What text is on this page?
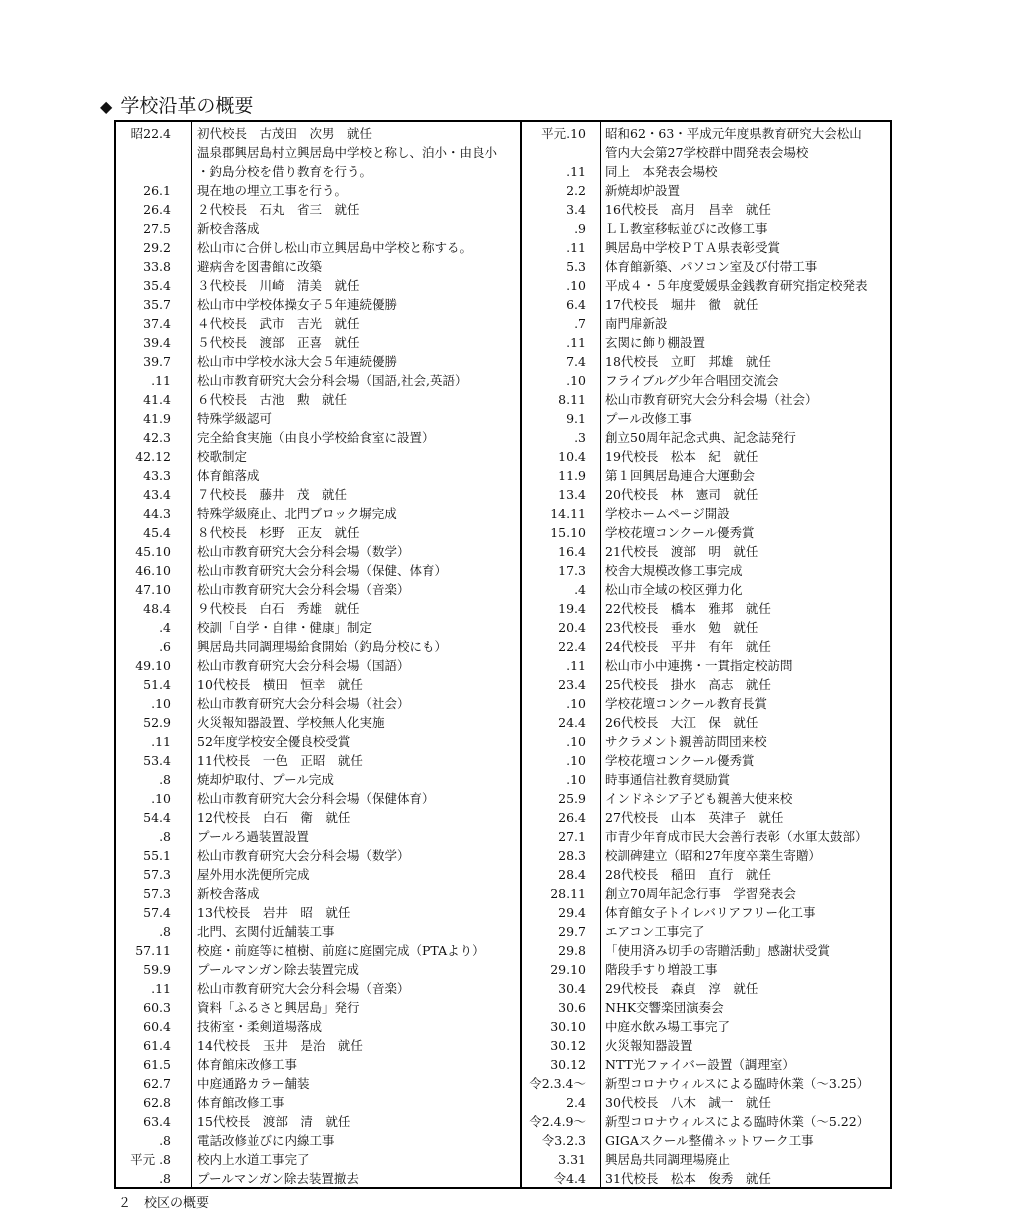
◆ 学校沿革の概要
昭22.4	初代校長　古茂田　次男　就任
温泉郡興居島村立興居島中学校と称し、泊小・由良小
・釣島分校を借り教育を行う。
26.1	現在地の埋立工事を行う。
26.4	２代校長　石丸　省三　就任
27.5	新校舎落成
29.2	松山市に合併し松山市立興居島中学校と称する。
33.8	避病舎を図書館に改築
35.4	３代校長　川崎　清美　就任
35.7	松山市中学校体操女子５年連続優勝
37.4	４代校長　武市　吉光　就任
39.4	５代校長　渡部　正喜　就任
39.7	松山市中学校水泳大会５年連続優勝
.11	松山市教育研究大会分科会場（国語,社会,英語）
41.4	６代校長　古池　勲　就任
41.9	特殊学級認可
42.3	完全給食実施（由良小学校給食室に設置）
42.12	校歌制定
43.3	体育館落成
43.4	７代校長　藤井　茂　就任
44.3	特殊学級廃止、北門ブロック塀完成
45.4	８代校長　杉野　正友　就任
45.10	松山市教育研究大会分科会場（数学）
46.10	松山市教育研究大会分科会場（保健、体育）
47.10	松山市教育研究大会分科会場（音楽）
48.4	９代校長　白石　秀雄　就任
.4	校訓「自学・自律・健康」制定
.6	興居島共同調理場給食開始（釣島分校にも）
49.10	松山市教育研究大会分科会場（国語）
51.4	10代校長　横田　恒幸　就任
.10	松山市教育研究大会分科会場（社会）
52.9	火災報知器設置、学校無人化実施
.11	52年度学校安全優良校受賞
53.4	11代校長　一色　正昭　就任
.8	焼却炉取付、プール完成
.10	松山市教育研究大会分科会場（保健体育）
54.4	12代校長　白石　衛　就任
.8	プールろ過装置設置
55.1	松山市教育研究大会分科会場（数学）
57.3	屋外用水洗便所完成
57.3	新校舎落成
57.4	13代校長　岩井　昭　就任
.8	北門、玄関付近舗装工事
57.11	校庭・前庭等に植樹、前庭に庭園完成（PTAより）
59.9	プールマンガン除去装置完成
.11	松山市教育研究大会分科会場（音楽）
60.3	資料「ふるさと興居島」発行
60.4	技術室・柔剣道場落成
61.4	14代校長　玉井　是治　就任
61.5	体育館床改修工事
62.7	中庭通路カラー舗装
62.8	体育館改修工事
63.4	15代校長　渡部　清　就任
.8	電話改修並びに内線工事
平元 .8	校内上水道工事完了
.8	プールマンガン除去装置撤去
平元.10	昭和62・63・平成元年度県教育研究大会松山
管内大会第27学校群中間発表会場校
.11	同上　本発表会場校
2.2	新焼却炉設置
3.4	16代校長　高月　昌幸　就任
.9	ＬＬ教室移転並びに改修工事
.11	興居島中学校ＰＴＡ県表彰受賞
5.3	体育館新築、パソコン室及び付帯工事
.10	平成４・５年度愛媛県金銭教育研究指定校発表
6.4	17代校長　堀井　徹　就任
.7	南門扉新設
.11	玄関に飾り棚設置
7.4	18代校長　立町　邦雄　就任
.10	フライブルグ少年合唱団交流会
8.11	松山市教育研究大会分科会場（社会）
9.1	プール改修工事
.3	創立50周年記念式典、記念誌発行
10.4	19代校長　松本　紀　就任
11.9	第１回興居島連合大運動会
13.4	20代校長　林　憲司　就任
14.11	学校ホームページ開設
15.10	学校花壇コンクール優秀賞
16.4	21代校長　渡部　明　就任
17.3	校舎大規模改修工事完成
.4	松山市全域の校区弾力化
19.4	22代校長　橋本　雅邦　就任
20.4	23代校長　垂水　勉　就任
22.4	24代校長　平井　有年　就任
.11	松山市小中連携・一貫指定校訪問
23.4	25代校長　掛水　高志　就任
.10	学校花壇コンクール教育長賞
24.4	26代校長　大江　保　就任
.10	サクラメント親善訪問団来校
.10	学校花壇コンクール優秀賞
.10	時事通信社教育奨励賞
25.9	インドネシア子ども親善大使来校
26.4	27代校長　山本　英津子　就任
27.1	市青少年育成市民大会善行表彰（水軍太鼓部）
28.3	校訓碑建立（昭和27年度卒業生寄贈）
28.4	28代校長　稲田　直行　就任
28.11	創立70周年記念行事　学習発表会
29.4	体育館女子トイレバリアフリー化工事
29.7	エアコン工事完了
29.8	「使用済み切手の寄贈活動」感謝状受賞
29.10	階段手すり増設工事
30.4	29代校長　森貞　淳　就任
30.6	NHK交響楽団演奏会
30.10	中庭水飲み場工事完了
30.12	火災報知器設置
30.12	NTT光ファイバー設置（調理室）
令2.3.4～	新型コロナウィルスによる臨時休業（～3.25）
2.4	30代校長　八木　誠一　就任
令2.4.9～	新型コロナウィルスによる臨時休業（～5.22）
令3.2.3	GIGAスクール整備ネットワーク工事
3.31	興居島共同調理場廃止
令4.4	31代校長　松本　俊秀　就任
２　校区の概要
